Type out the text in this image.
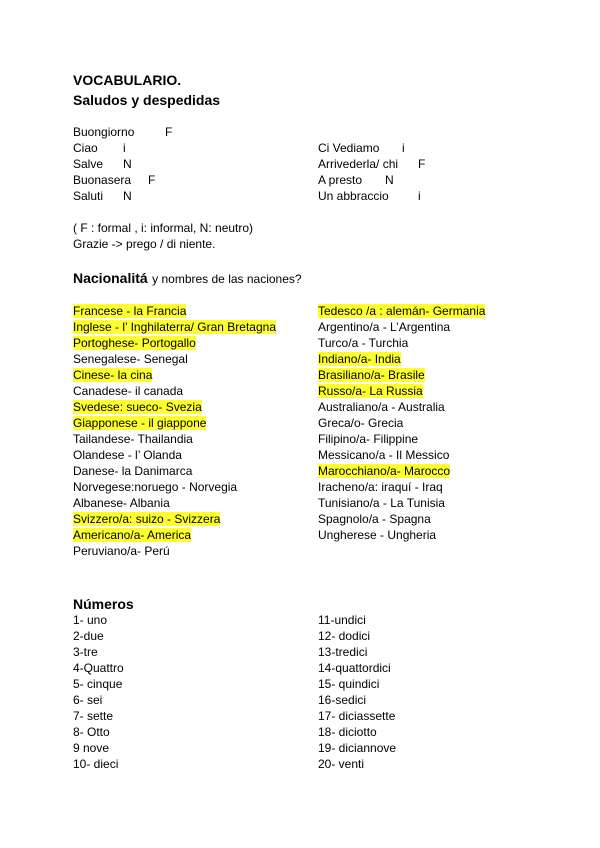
VOCABULARIO.
Saludos y despedidas
Buongiorno	F
Ciao i
Salve N
Buonasera F
Saluti N
Ci Vediamo i
Arrivederla/ chi F
A presto N
Un abbraccio i
( F : formal , i: informal, N: neutro)
Grazie -> prego / di niente.
Nacionalitá y nombres de las naciones?
Francese - la Francia
Inglese - l’ Inghilaterra/ Gran Bretagna
Portoghese- Portogallo
Senegalese- Senegal
Cinese- la cina
Canadese- il canada
Svedese: sueco- Svezia
Giapponese - il giappone
Tailandese- Thailandia
Olandese - l’ Olanda
Danese- la Danimarca
Norvegese:noruego - Norvegia
Albanese- Albania
Svizzero/a: suizo - Svizzera
Americano/a- America
Peruviano/a- Perú
Tedesco /a : alemán- Germania
Argentino/a - L’Argentina
Turco/a - Turchia
Indiano/a- India
Brasiliano/a- Brasile
Russo/a- La Russia
Australiano/a - Australia
Greca/o- Grecia
Filipino/a- Filippine
Messicano/a - Il Messico
Marocchiano/a- Marocco
Iracheno/a: iraquí - Iraq
Tunisiano/a - La Tunisia
Spagnolo/a - Spagna
Ungherese - Ungheria
Números
1- uno
2-due
3-tre
4-Quattro
5- cinque
6- sei
7- sette
8- Otto
9 nove
10- dieci
11-undici
12- dodici
13-tredici
14-quattordici
15- quindici
16-sedici
17- diciassette
18- diciotto
19- diciannove
20- venti
